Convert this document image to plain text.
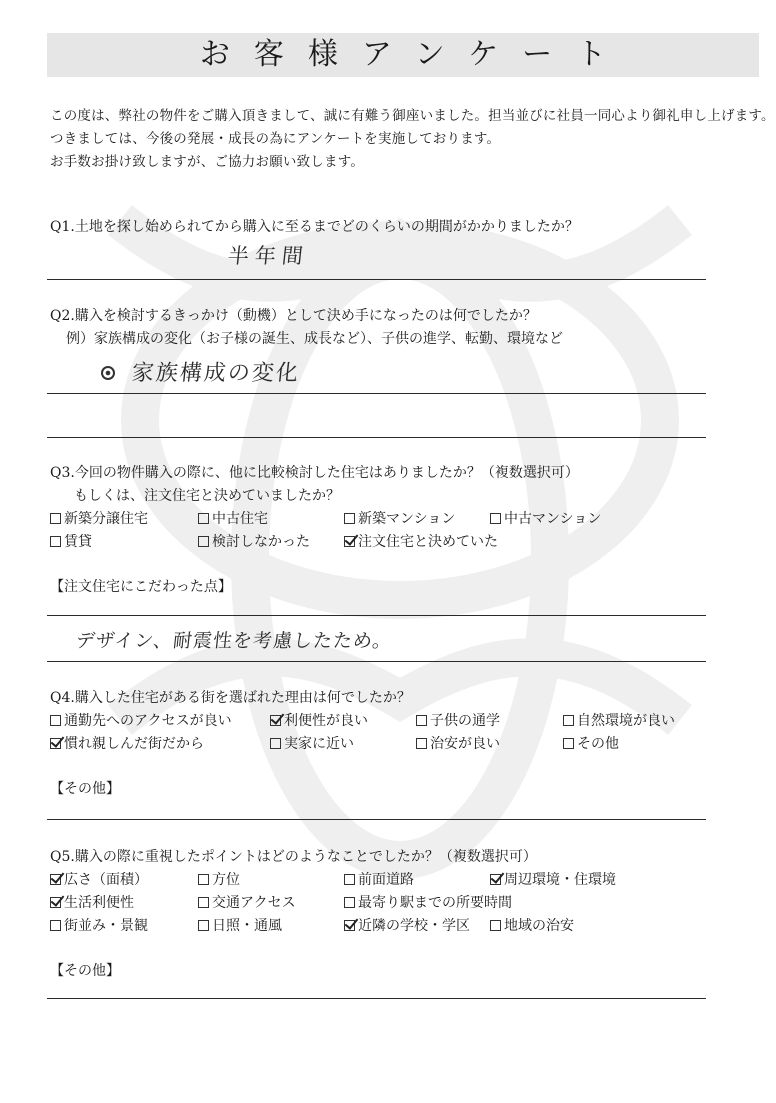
お客様アンケート
この度は、弊社の物件をご購入頂きまして、誠に有難う御座いました。担当並びに社員一同心より御礼申し上げます。
つきましては、今後の発展・成長の為にアンケートを実施しております。
お手数お掛け致しますが、ご協力お願い致します。
Q1.土地を探し始められてから購入に至るまでどのくらいの期間がかかりましたか？
半年間
Q2.購入を検討するきっかけ（動機）として決め手になったのは何でしたか？
例）家族構成の変化（お子様の誕生、成長など）、子供の進学、転勤、環境など
家族構成の変化
Q3.今回の物件購入の際に、他に比較検討した住宅はありましたか？（複数選択可）
もしくは、注文住宅と決めていましたか？
新築分譲住宅	中古住宅	新築マンション	中古マンション
賃貸	検討しなかった	注文住宅と決めていた
【注文住宅にこだわった点】
デザイン、耐震性を考慮したため。
Q4.購入した住宅がある街を選ばれた理由は何でしたか？
通勤先へのアクセスが良い	利便性が良い	子供の通学	自然環境が良い
慣れ親しんだ街だから	実家に近い	治安が良い	その他
【その他】
Q5.購入の際に重視したポイントはどのようなことでしたか？（複数選択可）
広さ（面積）	方位	前面道路	周辺環境・住環境
生活利便性	交通アクセス	最寄り駅までの所要時間
街並み・景観	日照・通風	近隣の学校・学区 地域の治安
【その他】
